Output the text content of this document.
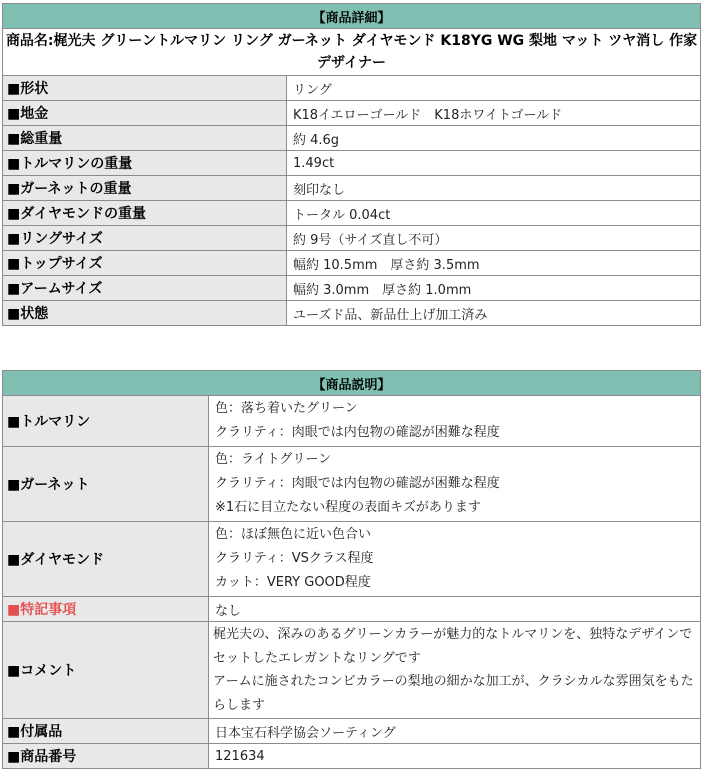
【商品詳細】	
商品名:梶光夫 グリーントルマリン リング ガーネット ダイヤモンド K18YG WG 梨地 マット ツヤ消し 作家 デザイナー	
■形状	リング
■地金	K18イエローゴールド　K18ホワイトゴールド
■総重量	約 4.6g
■トルマリンの重量	1.49ct
■ガーネットの重量	刻印なし
■ダイヤモンドの重量	トータル 0.04ct
■リングサイズ	約 9号（サイズ直し不可）
■トップサイズ	幅約 10.5mm　厚さ約 3.5mm
■アームサイズ	幅約 3.0mm　厚さ約 1.0mm
■状態	ユーズド品、新品仕上げ加工済み
【商品説明】	
■トルマリン	色：落ち着いたグリーン
クラリティ：肉眼では内包物の確認が困難な程度

■ガーネット	色：ライトグリーン
クラリティ：肉眼では内包物の確認が困難な程度
※1石に目立たない程度の表面キズがあります

■ダイヤモンド	色：ほぼ無色に近い色合い
クラリティ：VSクラス程度
カット：VERY GOOD程度

■特記事項	なし
■コメント	梶光夫の、深みのあるグリーンカラーが魅力的なトルマリンを、独特なデザインでセットしたエレガントなリングです
アームに施されたコンビカラーの梨地の細かな加工が、クラシカルな雰囲気をもたらします

■付属品	日本宝石科学協会ソーティング
■商品番号	121634
